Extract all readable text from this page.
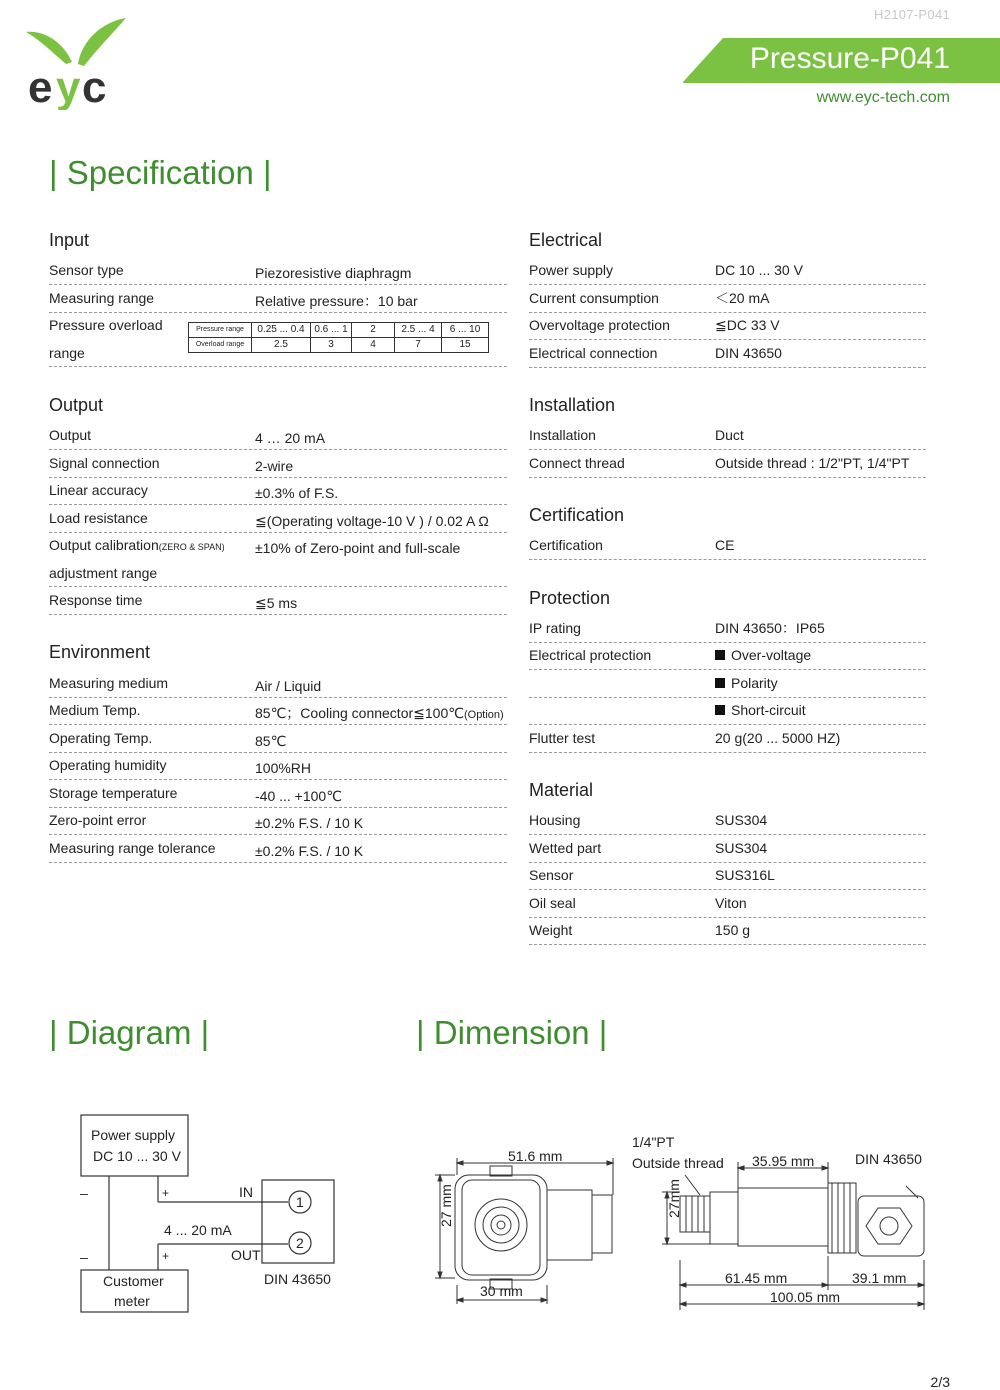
e y c
H2107-P041
Pressure-P041
www.eyc-tech.com
| Specification |
Input
Sensor type	Piezoresistive diaphragm
Measuring range	Relative pressure：10 bar
Pressure overload
range
Pressure range	0.25 ... 0.4	0.6 ... 1	2	2.5 ... 4	6 ... 10
Overload range	2.5	3	4	7	15
Output
Output	4 … 20 mA
Signal connection	2-wire
Linear accuracy	±0.3% of F.S.
Load resistance	≦(Operating voltage-10 V ) / 0.02 A Ω
Output calibration(ZERO & SPAN) ±10% of Zero-point and full-scale
adjustment range
Response time	≦5 ms
Environment
Measuring medium	Air / Liquid
Medium Temp.	85℃；Cooling connector≦100℃(Option)
Operating Temp.	85℃
Operating humidity	100%RH
Storage temperature	-40 ... +100℃
Zero-point error	±0.2% F.S. / 10 K
Measuring range tolerance	±0.2% F.S. / 10 K
Electrical
Power supply	DC 10 ... 30 V
Current consumption	＜20 mA
Overvoltage protection	≦DC 33 V
Electrical connection	DIN 43650
Installation
Installation	Duct
Connect thread	Outside thread : 1/2"PT, 1/4"PT
Certification
Certification	CE
Protection
IP rating	DIN 43650：IP65
Electrical protection	Over-voltage
Polarity
Short-circuit
Flutter test	20 g(20 ... 5000 HZ)
Material
Housing	SUS304
Wetted part	SUS304
Sensor	SUS316L
Oil seal	Viton
Weight	150 g
| Diagram |	| Dimension |
Power supply
DC 10 ... 30 V
–	+	IN
4 ... 20 mA
–	+	OUT
1
2
DIN 43650
Customer
meter
51.6 mm
27 mm
30 mm
1/4"PT
Outside thread 35.95 mm	DIN 43650
27mm
61.45 mm	39.1 mm
100.05 mm
2/3
